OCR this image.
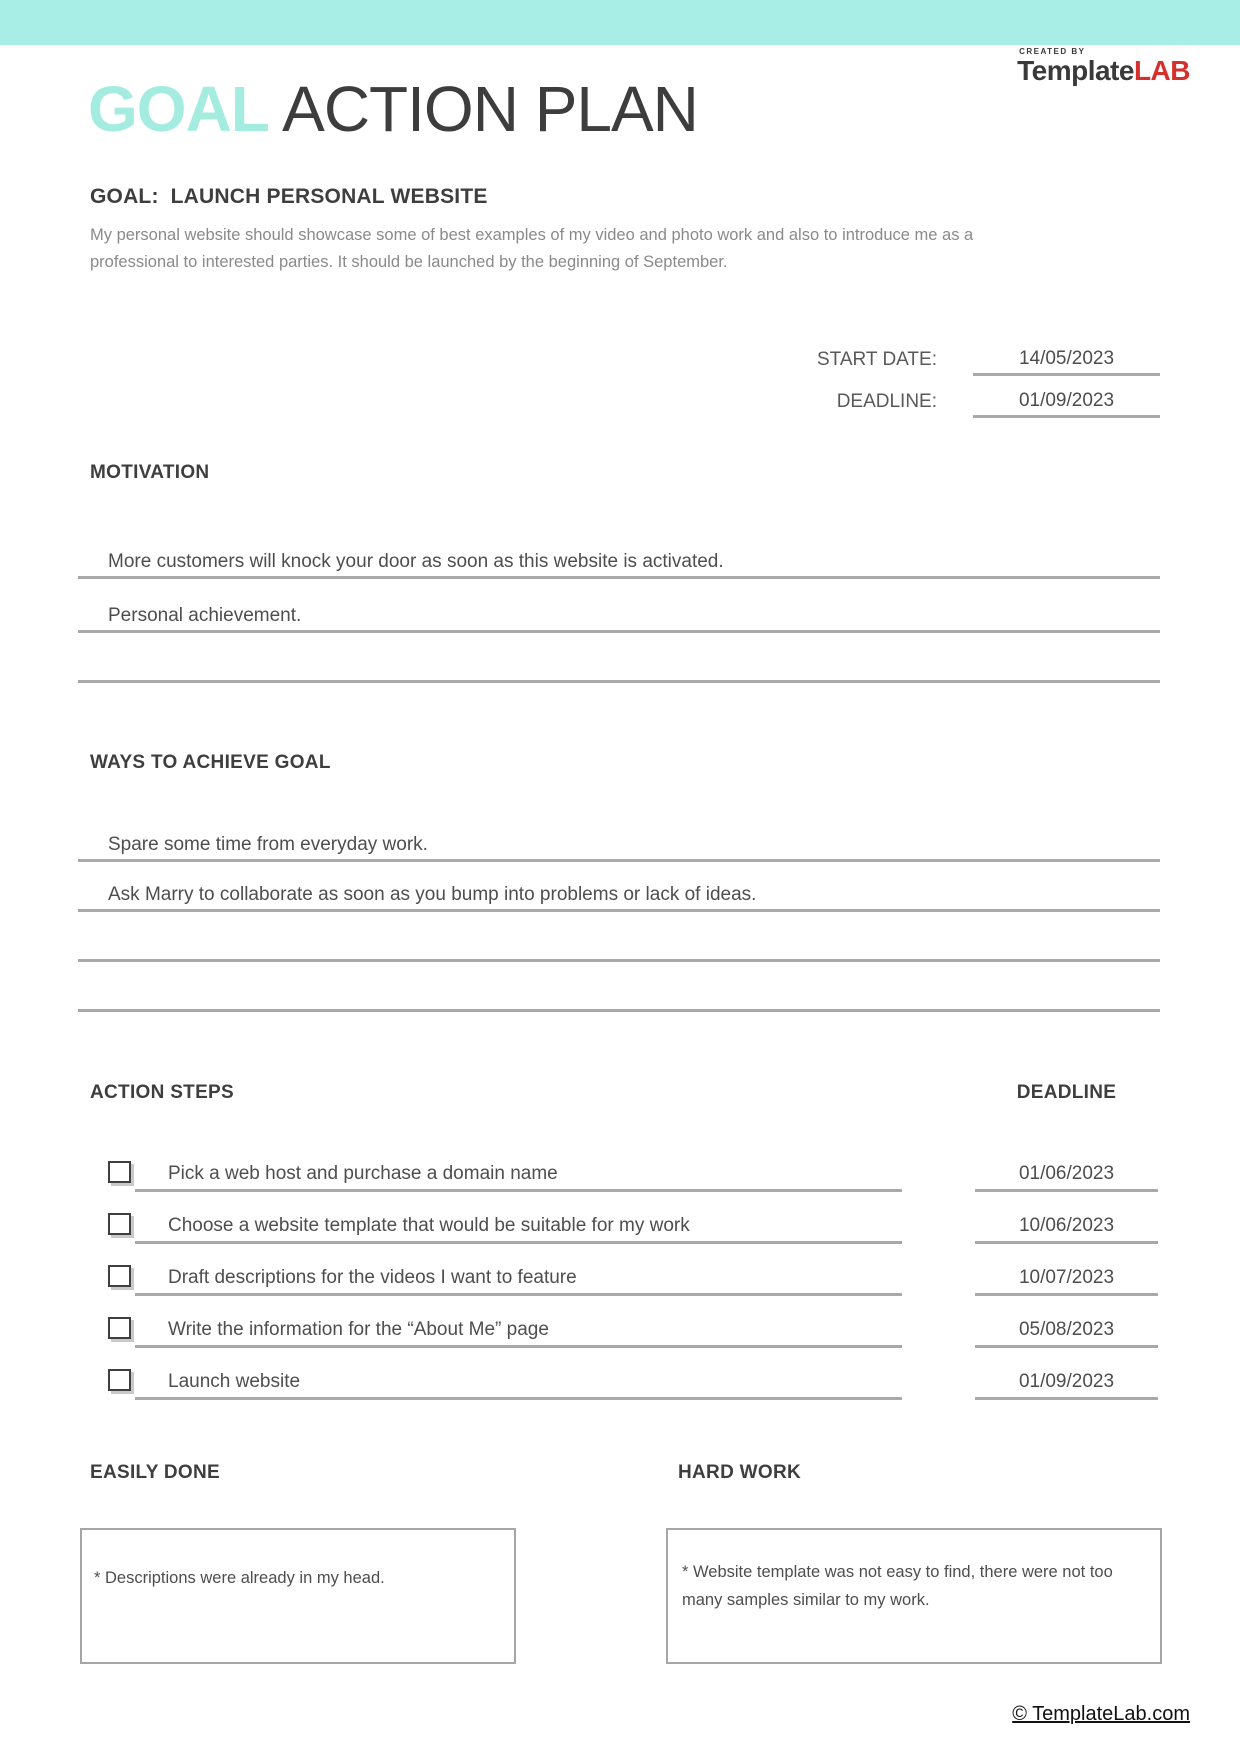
CREATED BY
TemplateLAB
GOAL ACTION PLAN
GOAL: LAUNCH PERSONAL WEBSITE

My personal website should showcase some of best examples of my video and photo work and also to introduce me as a professional to interested parties. It should be launched by the beginning of September.

START DATE:	14/05/2023
DEADLINE:	01/09/2023
MOTIVATION
More customers will knock your door as soon as this website is activated.
Personal achievement.
WAYS TO ACHIEVE GOAL
Spare some time from everyday work.
Ask Marry to collaborate as soon as you bump into problems or lack of ideas.
ACTION STEPS	DEADLINE
Pick a web host and purchase a domain name	01/06/2023
Choose a website template that would be suitable for my work	10/06/2023
Draft descriptions for the videos I want to feature	10/07/2023
Write the information for the “About Me” page	05/08/2023
Launch website	01/09/2023
EASILY DONE	HARD WORK

* Descriptions were already in my head.	* Website template was not easy to find, there were not too many samples similar to my work.

© TemplateLab.com
